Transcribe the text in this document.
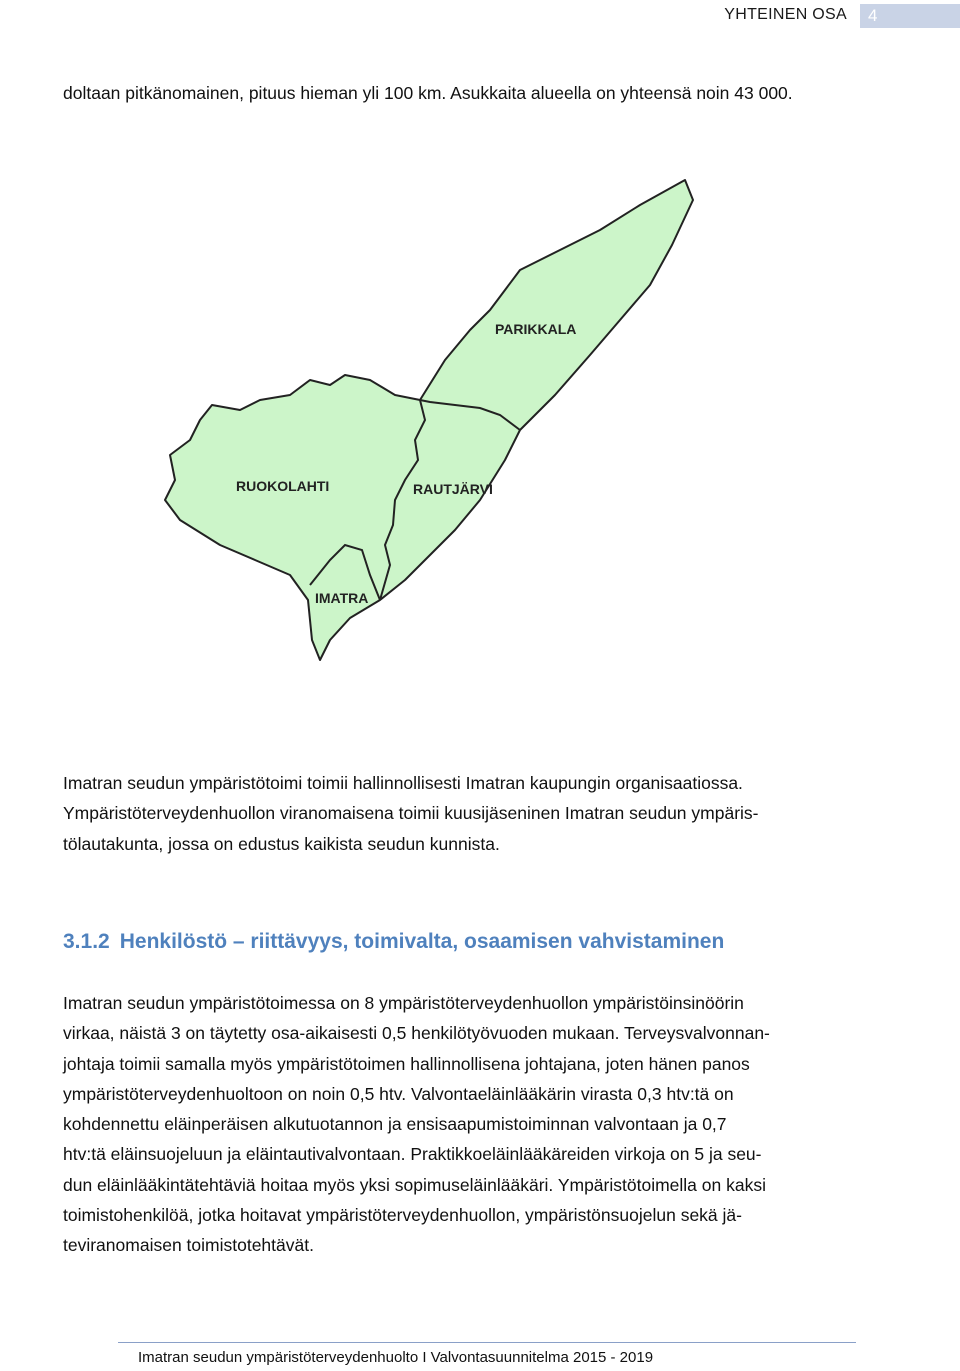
YHTEINEN OSA 4
doltaan pitkänomainen, pituus hieman yli 100 km. Asukkaita alueella on yhteensä noin 43 000.
PARIKKALA
RUOKOLAHTI	RAUTJÄRVI
IMATRA
Imatran seudun ympäristötoimi toimii hallinnollisesti Imatran kaupungin organisaatiossa.
Ympäristöterveydenhuollon viranomaisena toimii kuusijäseninen Imatran seudun ympäris-
tölautakunta, jossa on edustus kaikista seudun kunnista.
3.1.2 Henkilöstö – riittävyys, toimivalta, osaamisen vahvistaminen
Imatran seudun ympäristötoimessa on 8 ympäristöterveydenhuollon ympäristöinsinöörin
virkaa, näistä 3 on täytetty osa-aikaisesti 0,5 henkilötyövuoden mukaan. Terveysvalvonnan-
johtaja toimii samalla myös ympäristötoimen hallinnollisena johtajana, joten hänen panos
ympäristöterveydenhuoltoon on noin 0,5 htv. Valvontaeläinlääkärin virasta 0,3 htv:tä on
kohdennettu eläinperäisen alkutuotannon ja ensisaapumistoiminnan valvontaan ja 0,7
htv:tä eläinsuojeluun ja eläintautivalvontaan. Praktikkoeläinlääkäreiden virkoja on 5 ja seu-
dun eläinlääkintätehtäviä hoitaa myös yksi sopimuseläinlääkäri. Ympäristötoimella on kaksi
toimistohenkilöä, jotka hoitavat ympäristöterveydenhuollon, ympäristönsuojelun sekä jä-
teviranomaisen toimistotehtävät.
Imatran seudun ympäristöterveydenhuolto I Valvontasuunnitelma 2015 - 2019
